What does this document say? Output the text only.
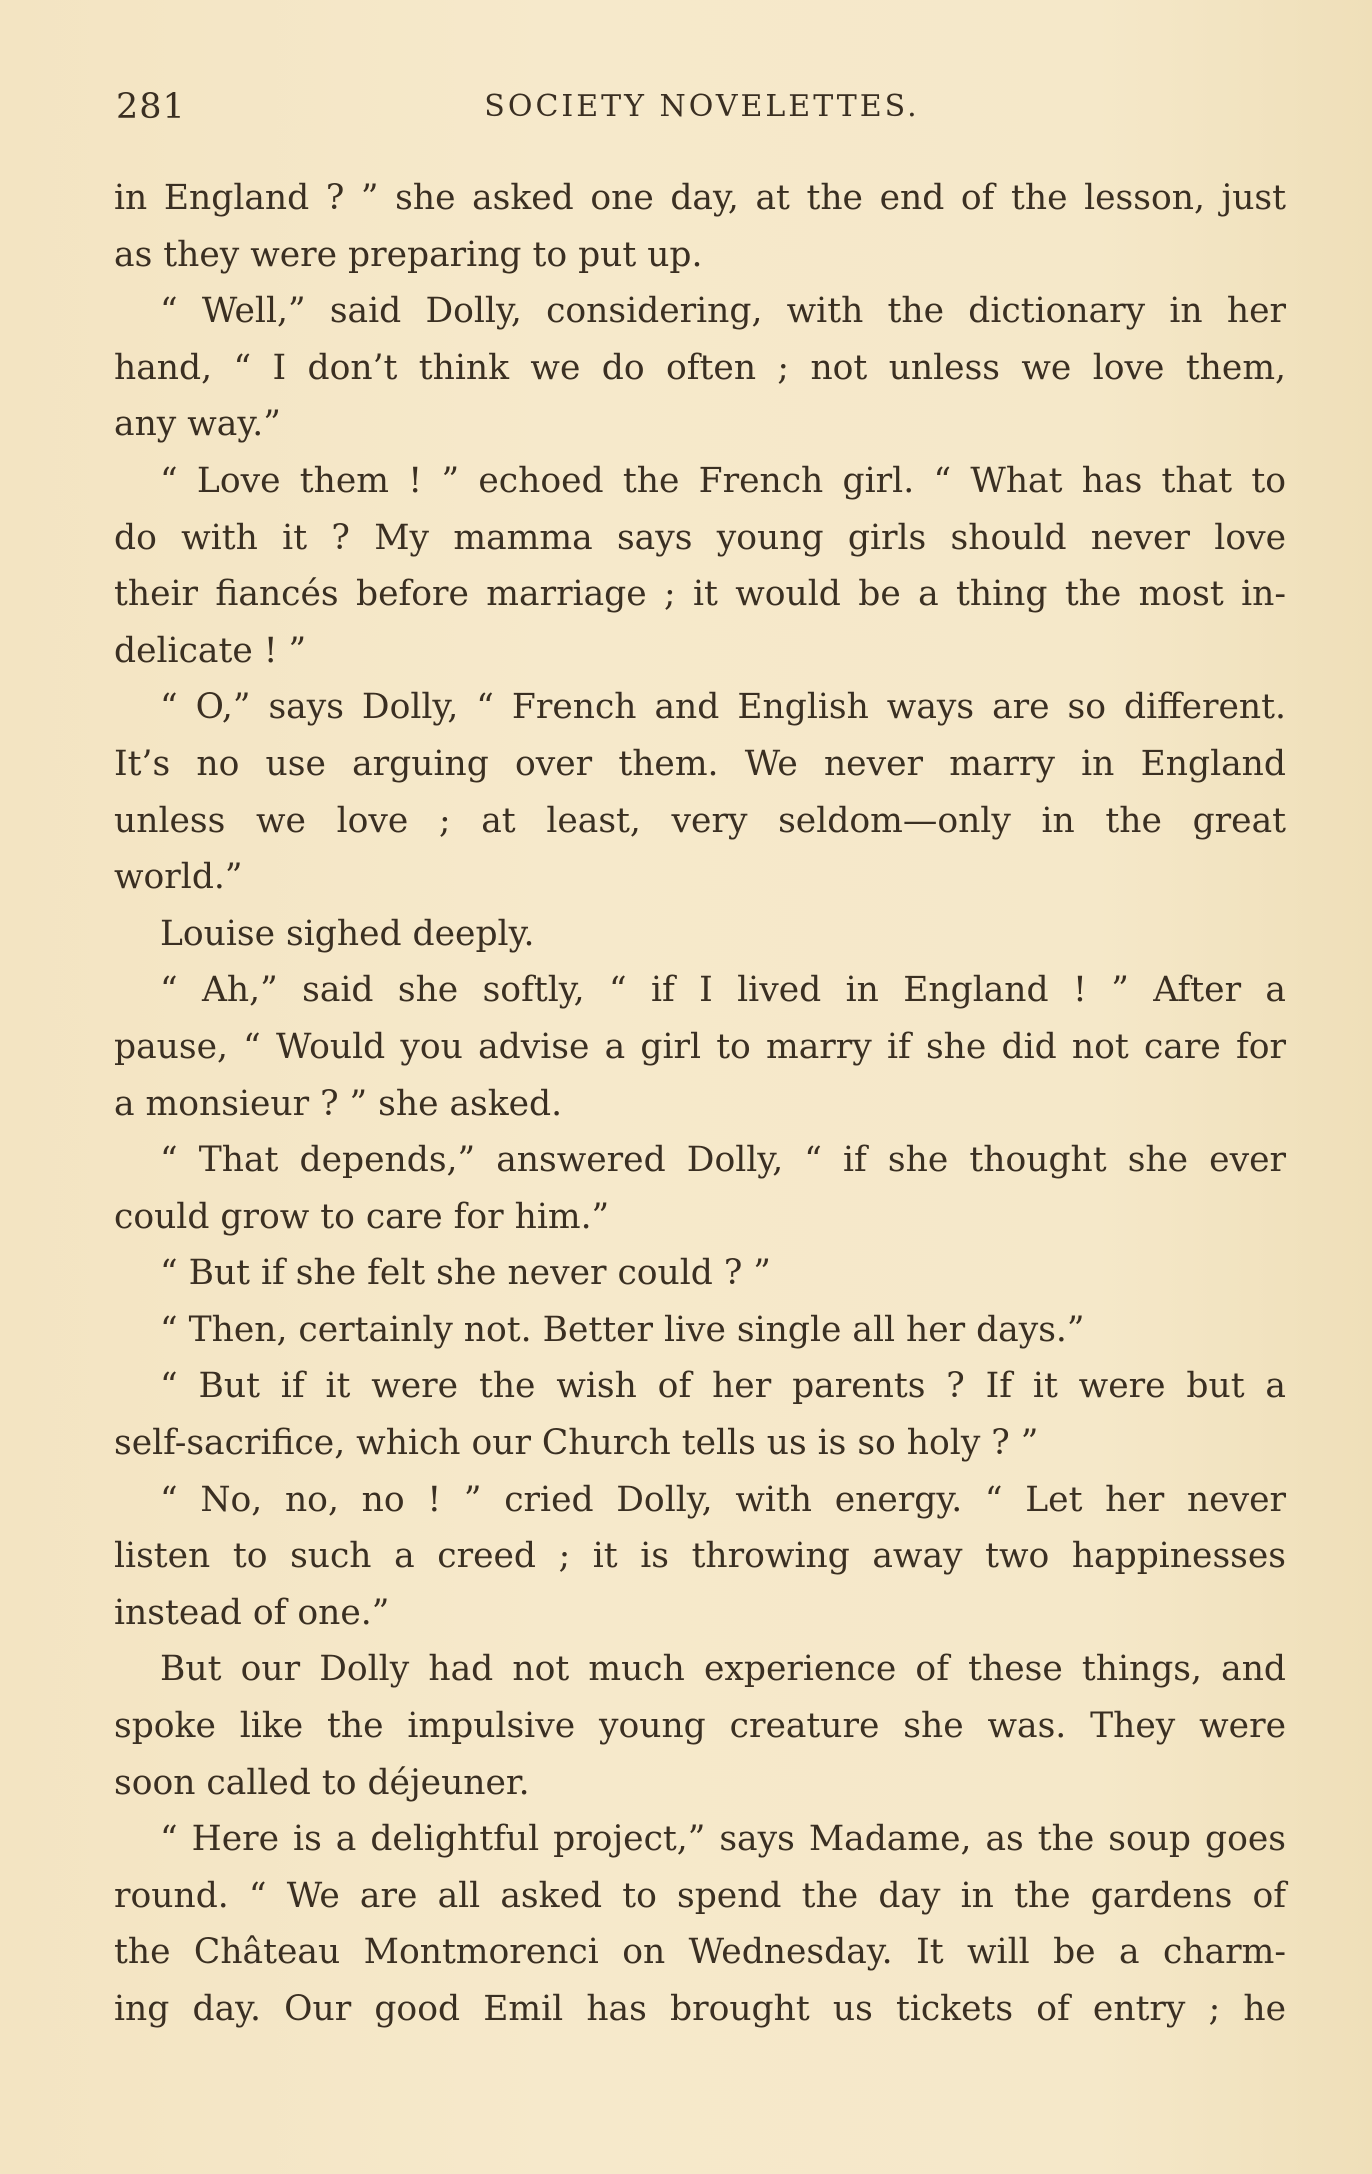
281	SOCIETY NOVELETTES.
in England ? ” she asked one day, at the end of the lesson, just
as they were preparing to put up.
“ Well,” said Dolly, considering, with the dictionary in her
hand, “ I don’t think we do often ; not unless we love them,
any way.”
“ Love them ! ” echoed the French girl. “ What has that to
do with it ? My mamma says young girls should never love
their fiancés before marriage ; it would be a thing the most in-
delicate ! ”
“ O,” says Dolly, “ French and English ways are so different.
It’s no use arguing over them. We never marry in England
unless we love ; at least, very seldom—only in the great
world.”
Louise sighed deeply.
“ Ah,” said she softly, “ if I lived in England ! ” After a
pause, “ Would you advise a girl to marry if she did not care for
a monsieur ? ” she asked.
“ That depends,” answered Dolly, “ if she thought she ever
could grow to care for him.”
“ But if she felt she never could ? ”
“ Then, certainly not. Better live single all her days.”
“ But if it were the wish of her parents ? If it were but a
self-sacrifice, which our Church tells us is so holy ? ”
“ No, no, no ! ” cried Dolly, with energy. “ Let her never
listen to such a creed ; it is throwing away two happinesses
instead of one.”
But our Dolly had not much experience of these things, and
spoke like the impulsive young creature she was. They were
soon called to déjeuner.
“ Here is a delightful project,” says Madame, as the soup goes
round. “ We are all asked to spend the day in the gardens of
the Château Montmorenci on Wednesday. It will be a charm-
ing day. Our good Emil has brought us tickets of entry ; he
